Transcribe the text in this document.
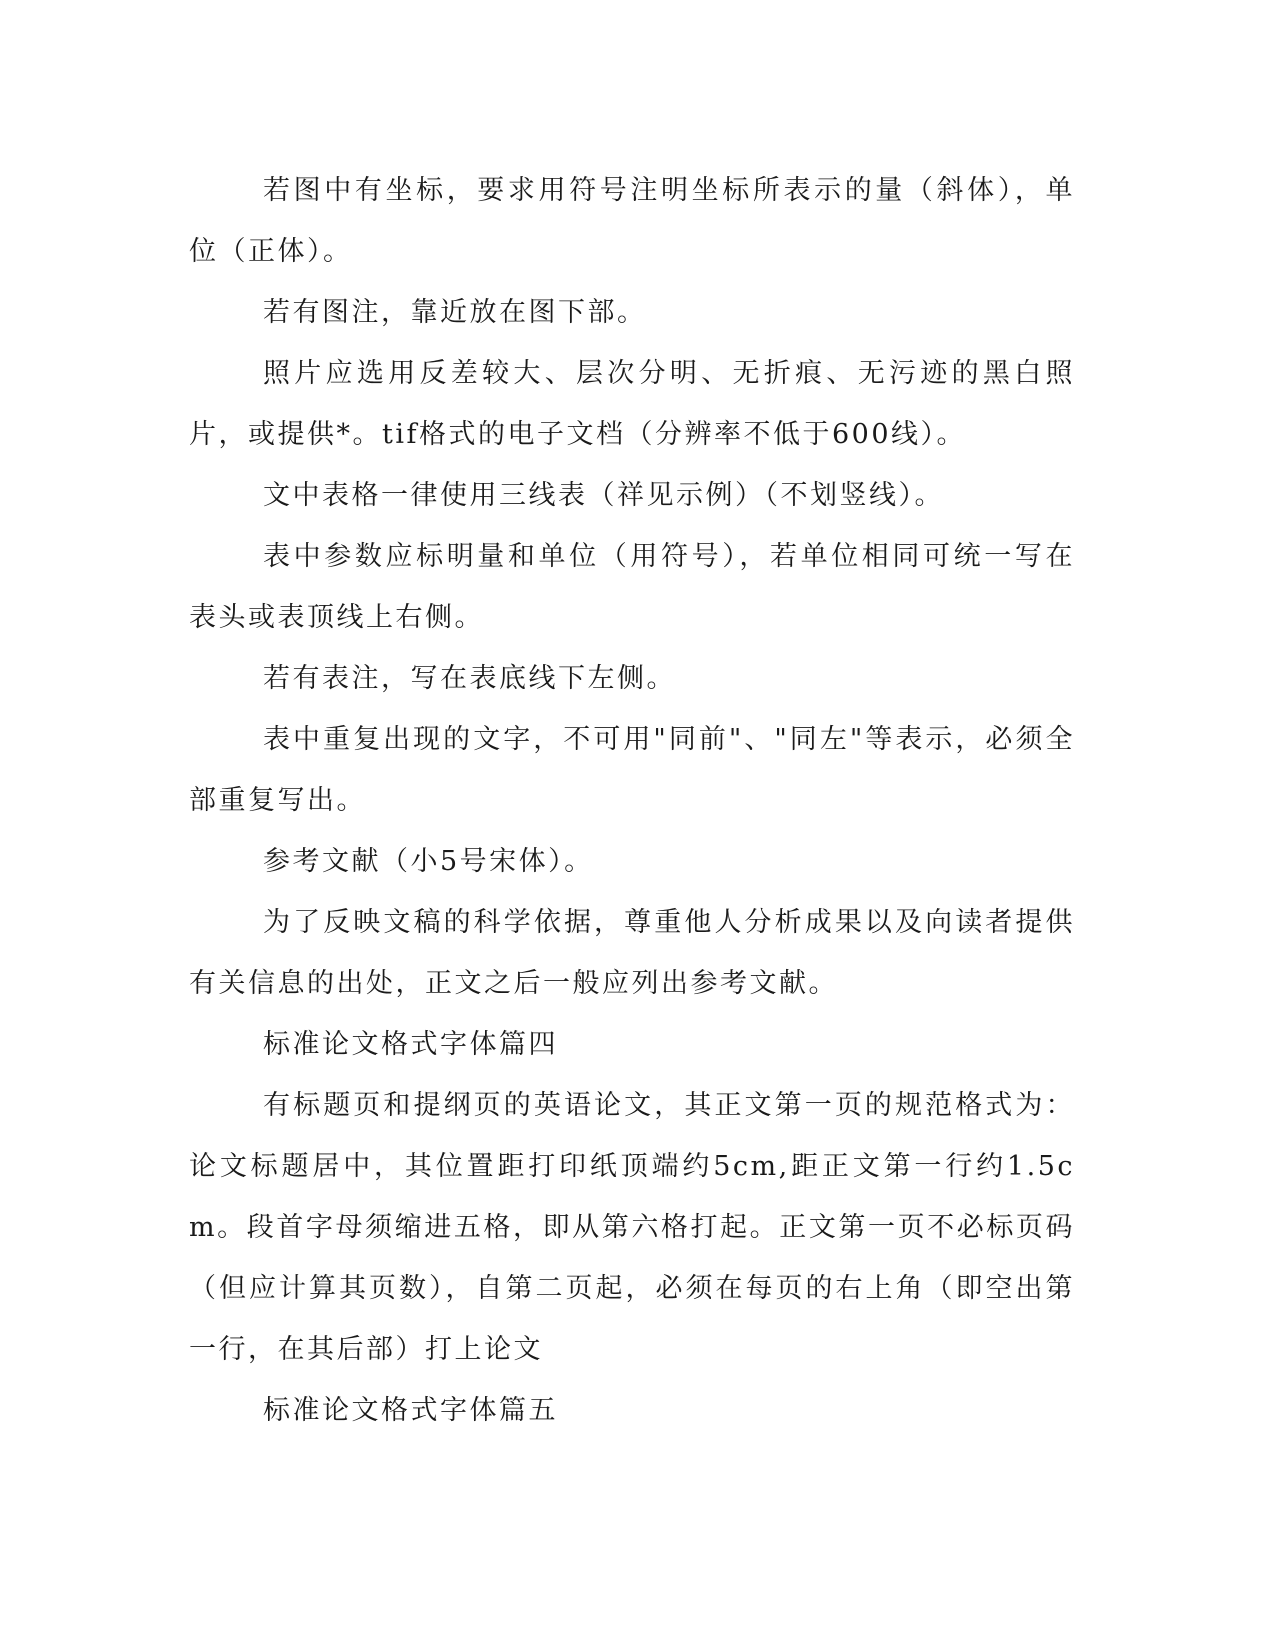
若图中有坐标，要求用符号注明坐标所表示的量（斜体），单位（正体）。

若有图注，靠近放在图下部。

照片应选用反差较大、层次分明、无折痕、无污迹的黑白照片，或提供*。tif格式的电子文档（分辨率不低于600线）。

文中表格一律使用三线表（祥见示例）（不划竖线）。

表中参数应标明量和单位（用符号），若单位相同可统一写在表头或表顶线上右侧。

若有表注，写在表底线下左侧。

表中重复出现的文字，不可用"同前"、"同左"等表示，必须全部重复写出。

参考文献（小5号宋体）。

为了反映文稿的科学依据，尊重他人分析成果以及向读者提供有关信息的出处，正文之后一般应列出参考文献。

标准论文格式字体篇四

有标题页和提纲页的英语论文，其正文第一页的规范格式为：论文标题居中，其位置距打印纸顶端约5cm,距正文第一行约1.5cm。段首字母须缩进五格，即从第六格打起。正文第一页不必标页码（但应计算其页数），自第二页起，必须在每页的右上角（即空出第一行，在其后部）打上论文

标准论文格式字体篇五
